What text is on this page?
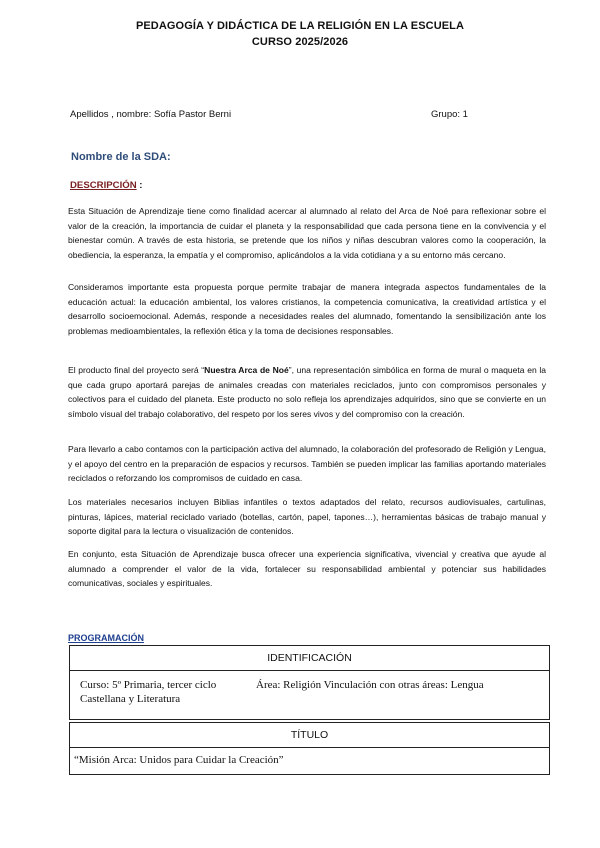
PEDAGOGÍA Y DIDÁCTICA DE LA RELIGIÓN EN LA ESCUELA
CURSO 2025/2026
Apellidos , nombre: Sofía Pastor Berni	Grupo: 1
Nombre de la SDA:
DESCRIPCIÓN :

Esta Situación de Aprendizaje tiene como finalidad acercar al alumnado al relato del Arca de Noé para reflexionar sobre el valor de la creación, la importancia de cuidar el planeta y la responsabilidad que cada persona tiene en la convivencia y el bienestar común. A través de esta historia, se pretende que los niños y niñas descubran valores como la cooperación, la obediencia, la esperanza, la empatía y el compromiso, aplicándolos a la vida cotidiana y a su entorno más cercano.

Consideramos importante esta propuesta porque permite trabajar de manera integrada aspectos fundamentales de la educación actual: la educación ambiental, los valores cristianos, la competencia comunicativa, la creatividad artística y el desarrollo socioemocional. Además, responde a necesidades reales del alumnado, fomentando la sensibilización ante los problemas medioambientales, la reflexión ética y la toma de decisiones responsables.

El producto final del proyecto será “Nuestra Arca de Noé”, una representación simbólica en forma de mural o maqueta en la que cada grupo aportará parejas de animales creadas con materiales reciclados, junto con compromisos personales y colectivos para el cuidado del planeta. Este producto no solo refleja los aprendizajes adquiridos, sino que se convierte en un símbolo visual del trabajo colaborativo, del respeto por los seres vivos y del compromiso con la creación.

Para llevarlo a cabo contamos con la participación activa del alumnado, la colaboración del profesorado de Religión y Lengua, y el apoyo del centro en la preparación de espacios y recursos. También se pueden implicar las familias aportando materiales reciclados o reforzando los compromisos de cuidado en casa.

Los materiales necesarios incluyen Biblias infantiles o textos adaptados del relato, recursos audiovisuales, cartulinas, pinturas, lápices, material reciclado variado (botellas, cartón, papel, tapones…), herramientas básicas de trabajo manual y soporte digital para la lectura o visualización de contenidos.

En conjunto, esta Situación de Aprendizaje busca ofrecer una experiencia significativa, vivencial y creativa que ayude al alumnado a comprender el valor de la vida, fortalecer su responsabilidad ambiental y potenciar sus habilidades comunicativas, sociales y espirituales.

PROGRAMACIÓN
IDENTIFICACIÓN
Curso: 5º Primaria, tercer ciclo	Área: Religión Vinculación con otras áreas: Lengua
Castellana y Literatura
TÍTULO
“Misión Arca: Unidos para Cuidar la Creación”
